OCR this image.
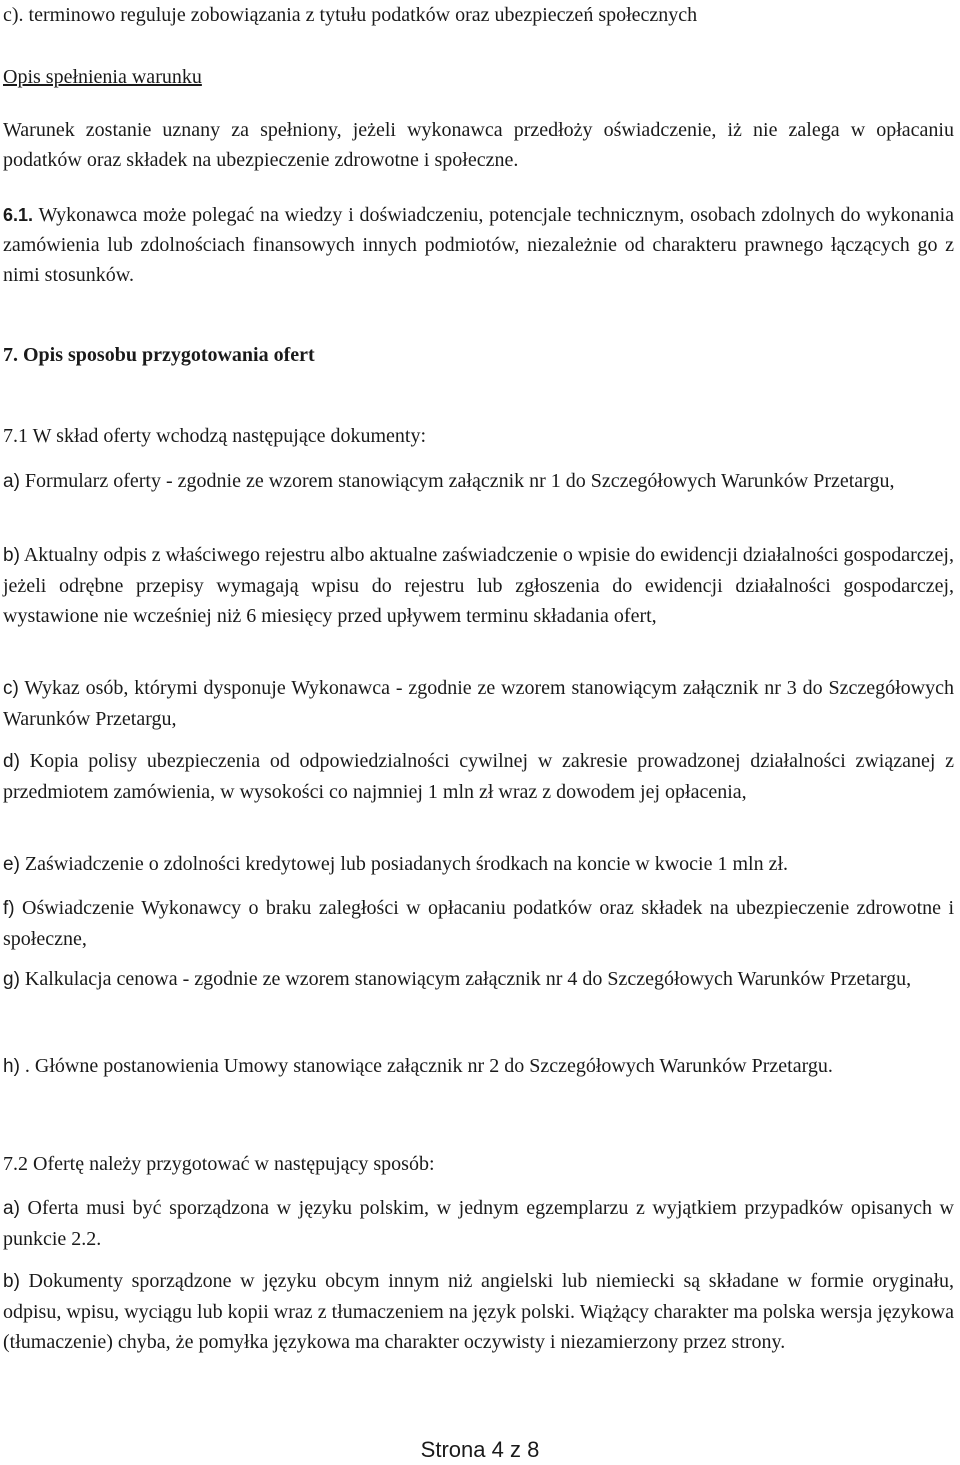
c). terminowo reguluje zobowiązania z tytułu podatków oraz ubezpieczeń społecznych

Opis spełnienia warunku

Warunek zostanie uznany za spełniony, jeżeli wykonawca przedłoży oświadczenie, iż nie zalega w opłacaniu podatków oraz składek na ubezpieczenie zdrowotne i społeczne.

6.1. Wykonawca może polegać na wiedzy i doświadczeniu, potencjale technicznym, osobach zdolnych do wykonania zamówienia lub zdolnościach finansowych innych podmiotów, niezależnie od charakteru prawnego łączących go z nimi stosunków.

7. Opis sposobu przygotowania ofert

7.1 W skład oferty wchodzą następujące dokumenty:

a) Formularz oferty - zgodnie ze wzorem stanowiącym załącznik nr 1 do Szczegółowych Warunków Przetargu,

b) Aktualny odpis z właściwego rejestru albo aktualne zaświadczenie o wpisie do ewidencji działalności gospodarczej, jeżeli odrębne przepisy wymagają wpisu do rejestru lub zgłoszenia do ewidencji działalności gospodarczej, wystawione nie wcześniej niż 6 miesięcy przed upływem terminu składania ofert,

c) Wykaz osób, którymi dysponuje Wykonawca - zgodnie ze wzorem stanowiącym załącznik nr 3 do Szczegółowych Warunków Przetargu,

d) Kopia polisy ubezpieczenia od odpowiedzialności cywilnej w zakresie prowadzonej działalności związanej z przedmiotem zamówienia, w wysokości co najmniej 1 mln zł wraz z dowodem jej opłacenia,

e) Zaświadczenie o zdolności kredytowej lub posiadanych środkach na koncie w kwocie 1 mln zł.

f) Oświadczenie Wykonawcy o braku zaległości w opłacaniu podatków oraz składek na ubezpieczenie zdrowotne i społeczne,

g) Kalkulacja cenowa - zgodnie ze wzorem stanowiącym załącznik nr 4 do Szczegółowych Warunków Przetargu,

h) . Główne postanowienia Umowy stanowiące załącznik nr 2 do Szczegółowych Warunków Przetargu.

7.2 Ofertę należy przygotować w następujący sposób:

a) Oferta musi być sporządzona w języku polskim, w jednym egzemplarzu z wyjątkiem przypadków opisanych w punkcie 2.2.

b) Dokumenty sporządzone w języku obcym innym niż angielski lub niemiecki są składane w formie oryginału, odpisu, wpisu, wyciągu lub kopii wraz z tłumaczeniem na język polski. Wiążący charakter ma polska wersja językowa (tłumaczenie) chyba, że pomyłka językowa ma charakter oczywisty i niezamierzony przez strony.

Strona 4 z 8
